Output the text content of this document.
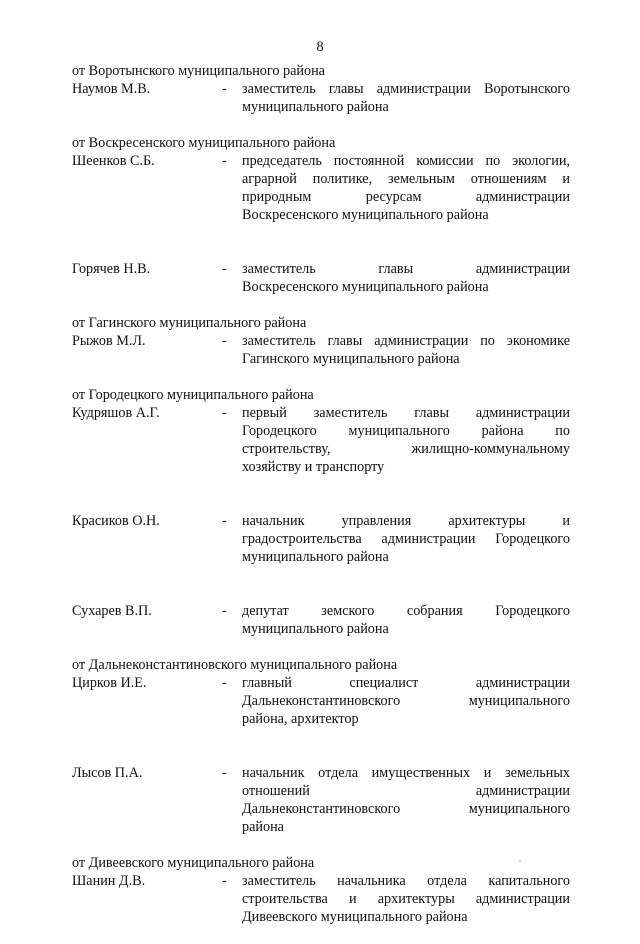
8
от Воротынского муниципального района
Наумов М.В.	-	заместитель главы администрации Воротынского
муниципального района
от Воскресенского муниципального района
Шеенков С.Б.	-	председатель постоянной комиссии по экологии,
аграрной политике, земельным отношениям и
природным ресурсам администрации
Воскресенского муниципального района
Горячев Н.В.	-	заместитель главы администрации
Воскресенского муниципального района
от Гагинского муниципального района
Рыжов М.Л.	-	заместитель главы администрации по экономике
Гагинского муниципального района
от Городецкого муниципального района
Кудряшов А.Г.	-	первый заместитель главы администрации
Городецкого муниципального района по
строительству, жилищно-коммунальному
хозяйству и транспорту
Красиков О.Н.	-	начальник управления архитектуры и
градостроительства администрации Городецкого
муниципального района
Сухарев В.П.	-	депутат земского собрания Городецкого
муниципального района
от Дальнеконстантиновского муниципального района
Цирков И.Е.	-	главный специалист администрации
Дальнеконстантиновского муниципального
района, архитектор
Лысов П.А.	-	начальник отдела имущественных и земельных
отношений администрации
Дальнеконстантиновского муниципального
района
от Дивеевского муниципального района
Шанин Д.В.	-	заместитель начальника отдела капитального
строительства и архитектуры администрации
Дивеевского муниципального района
